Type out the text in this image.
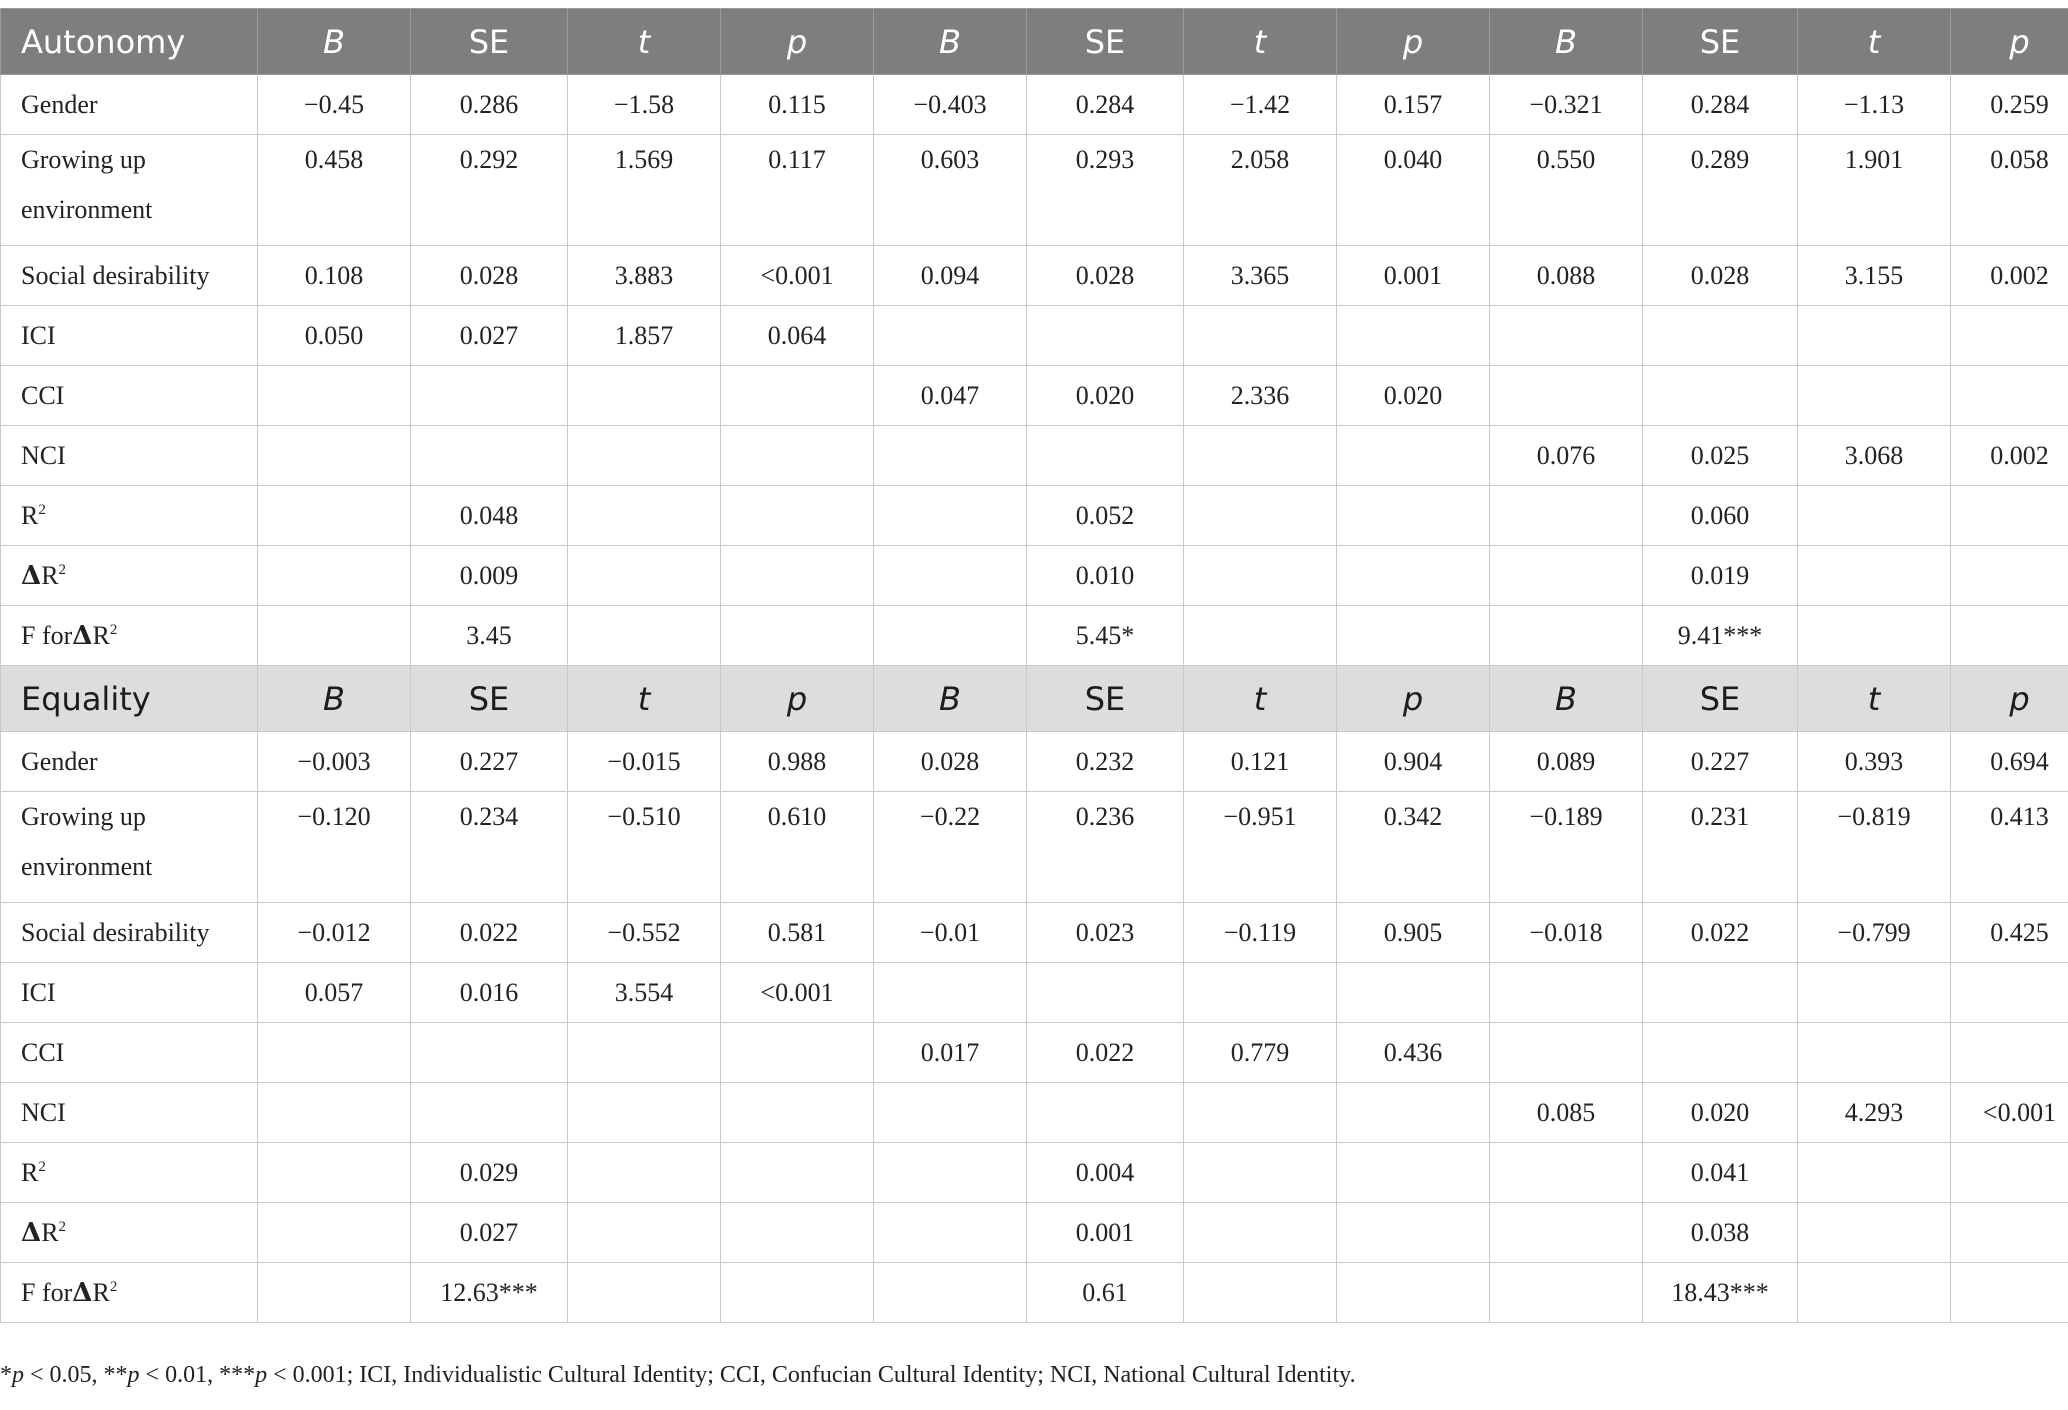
Autonomy	B	SE	t	p	B	SE	t	p	B	SE	t	p
Gender	−0.45	0.286	−1.58	0.115	−0.403	0.284	−1.42	0.157	−0.321	0.284	−1.13	0.259
Growing up environment	0.458	0.292	1.569	0.117	0.603	0.293	2.058	0.040	0.550	0.289	1.901	0.058
Social desirability	0.108	0.028	3.883	<0.001	0.094	0.028	3.365	0.001	0.088	0.028	3.155	0.002
ICI	0.050	0.027	1.857	0.064								
CCI					0.047	0.020	2.336	0.020				
NCI									0.076	0.025	3.068	0.002
$R^2$		0.048				0.052				0.060		
$\Delta R^2$		0.009				0.010				0.019		
F forΔR$^2$		3.45				5.45*				9.41***		
Equality	B	SE	t	p	B	SE	t	p	B	SE	t	p
Gender	−0.003	0.227	−0.015	0.988	0.028	0.232	0.121	0.904	0.089	0.227	0.393	0.694
Growing up environment	−0.120	0.234	−0.510	0.610	−0.22	0.236	−0.951	0.342	−0.189	0.231	−0.819	0.413
Social desirability	−0.012	0.022	−0.552	0.581	−0.01	0.023	−0.119	0.905	−0.018	0.022	−0.799	0.425
ICI	0.057	0.016	3.554	<0.001								
CCI					0.017	0.022	0.779	0.436				
NCI									0.085	0.020	4.293	<0.001
$R^2$		0.029				0.004				0.041		
$\Delta R^2$		0.027				0.001				0.038		
F forΔR$^2$		12.63***				0.61				18.43***		
*p < 0.05, **p < 0.01, ***p < 0.001; ICI, Individualistic Cultural Identity; CCI, Confucian Cultural Identity; NCI, National Cultural Identity.
